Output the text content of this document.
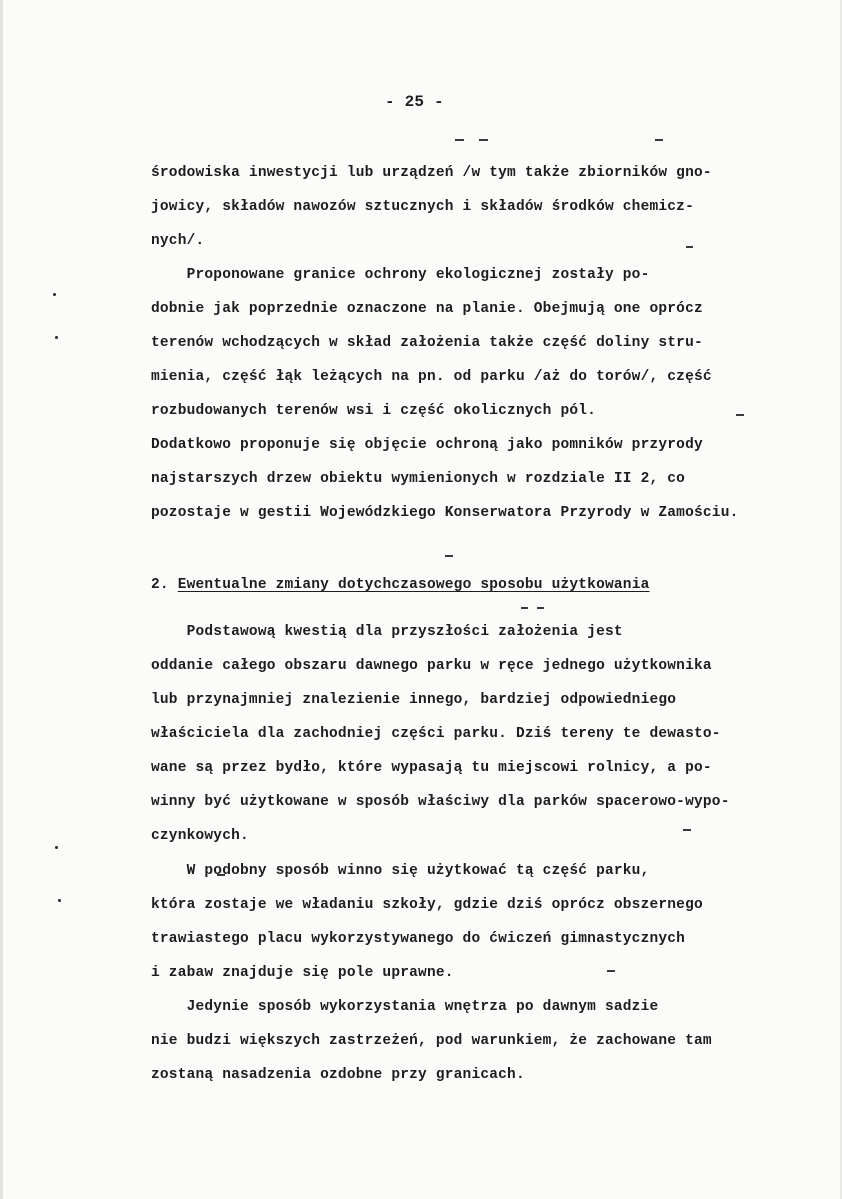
- 25 -
środowiska inwestycji lub urządzeń /w tym także zbiorników gno-
jowicy, składów nawozów sztucznych i składów środków chemicz-
nych/.
Proponowane granice ochrony ekologicznej zostały po-
dobnie jak poprzednie oznaczone na planie. Obejmują one oprócz
terenów wchodzących w skład założenia także część doliny stru-
mienia, część łąk leżących na pn. od parku /aż do torów/, część
rozbudowanych terenów wsi i część okolicznych pól.
Dodatkowo proponuje się objęcie ochroną jako pomników przyrody
najstarszych drzew obiektu wymienionych w rozdziale II 2, co
pozostaje w gestii Wojewódzkiego Konserwatora Przyrody w Zamościu.
2. Ewentualne zmiany dotychczasowego sposobu użytkowania
Podstawową kwestią dla przyszłości założenia jest
oddanie całego obszaru dawnego parku w ręce jednego użytkownika
lub przynajmniej znalezienie innego, bardziej odpowiedniego
właściciela dla zachodniej części parku. Dziś tereny te dewasto-
wane są przez bydło, które wypasają tu miejscowi rolnicy, a po-
winny być użytkowane w sposób właściwy dla parków spacerowo-wypo-
czynkowych.
W podobny sposób winno się użytkować tą część parku,
która zostaje we władaniu szkoły, gdzie dziś oprócz obszernego
trawiastego placu wykorzystywanego do ćwiczeń gimnastycznych
i zabaw znajduje się pole uprawne.
Jedynie sposób wykorzystania wnętrza po dawnym sadzie
nie budzi większych zastrzeżeń, pod warunkiem, że zachowane tam
zostaną nasadzenia ozdobne przy granicach.
